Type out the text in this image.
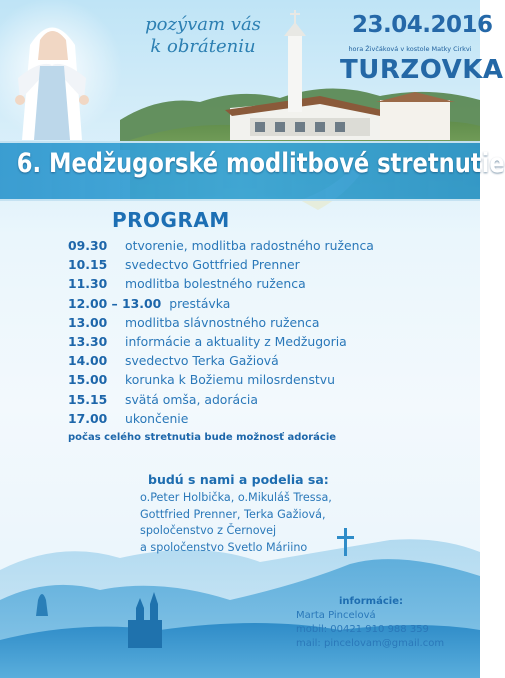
pozývam vás
k obráteniu
23.04.2016
hora Živčáková v kostole Matky Cirkvi
TURZOVKA
6. Medžugorské modlitbové stretnutie
PROGRAM
09.30	otvorenie, modlitba radostného ruženca
10.15	svedectvo Gottfried Prenner
11.30	modlitba bolestného ruženca
12.00 – 13.00 prestávka
13.00	modlitba slávnostného ruženca
13.30	informácie a aktuality z Medžugoria
14.00	svedectvo Terka Gažiová
15.00	korunka k Božiemu milosrdenstvu
15.15	svätá omša, adorácia
17.00	ukončenie
počas celého stretnutia bude možnosť adorácie
budú s nami a podelia sa:
o.Peter Holbička, o.Mikuláš Tressa,
Gottfried Prenner, Terka Gažiová,
spoločenstvo z Černovej
a spoločenstvo Svetlo Máriino
informácie:
Marta Pincelová
mobil: 00421 910 988 359
mail: pincelovam@gmail.com
